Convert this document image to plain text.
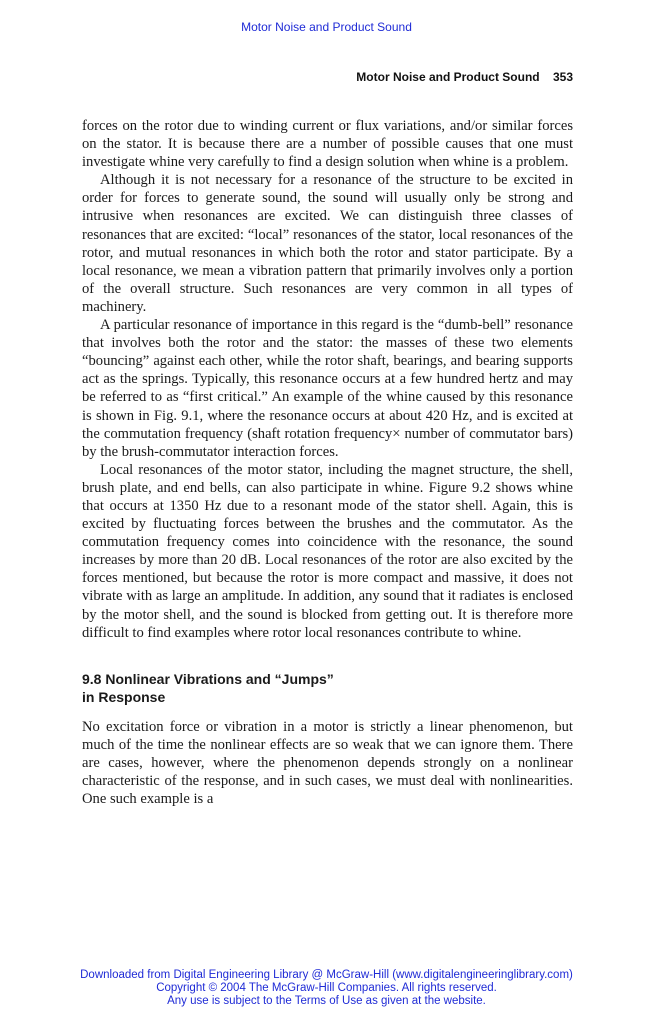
Motor Noise and Product Sound
Motor Noise and Product Sound 353

forces on the rotor due to winding current or flux variations, and/or similar forces on the stator. It is because there are a number of possible causes that one must investigate whine very carefully to find a design solution when whine is a problem.

Although it is not necessary for a resonance of the structure to be excited in order for forces to generate sound, the sound will usually only be strong and intrusive when resonances are excited. We can distinguish three classes of resonances that are excited: “local” resonances of the stator, local resonances of the rotor, and mutual resonances in which both the rotor and stator participate. By a local resonance, we mean a vibration pattern that primarily involves only a portion of the overall structure. Such resonances are very common in all types of machinery.

A particular resonance of importance in this regard is the “dumb-bell” resonance that involves both the rotor and the stator: the masses of these two elements “bouncing” against each other, while the rotor shaft, bearings, and bearing supports act as the springs. Typically, this resonance occurs at a few hundred hertz and may be referred to as “first critical.” An example of the whine caused by this resonance is shown in Fig. 9.1, where the resonance occurs at about 420 Hz, and is excited at the commutation frequency (shaft rotation frequency× number of commutator bars) by the brush-commutator interaction forces.

Local resonances of the motor stator, including the magnet structure, the shell, brush plate, and end bells, can also participate in whine. Figure 9.2 shows whine that occurs at 1350 Hz due to a resonant mode of the stator shell. Again, this is excited by fluctuating forces between the brushes and the commutator. As the commutation frequency comes into coincidence with the resonance, the sound increases by more than 20 dB. Local resonances of the rotor are also excited by the forces mentioned, but because the rotor is more compact and massive, it does not vibrate with as large an amplitude. In addition, any sound that it radiates is enclosed by the motor shell, and the sound is blocked from getting out. It is therefore more difficult to find examples where rotor local resonances contribute to whine.

9.8 Nonlinear Vibrations and “Jumps”
in Response

No excitation force or vibration in a motor is strictly a linear phenomenon, but much of the time the nonlinear effects are so weak that we can ignore them. There are cases, however, where the phenomenon depends strongly on a nonlinear characteristic of the response, and in such cases, we must deal with nonlinearities. One such example is a

Downloaded from Digital Engineering Library @ McGraw-Hill (www.digitalengineeringlibrary.com)
Copyright © 2004 The McGraw-Hill Companies. All rights reserved.
Any use is subject to the Terms of Use as given at the website.
